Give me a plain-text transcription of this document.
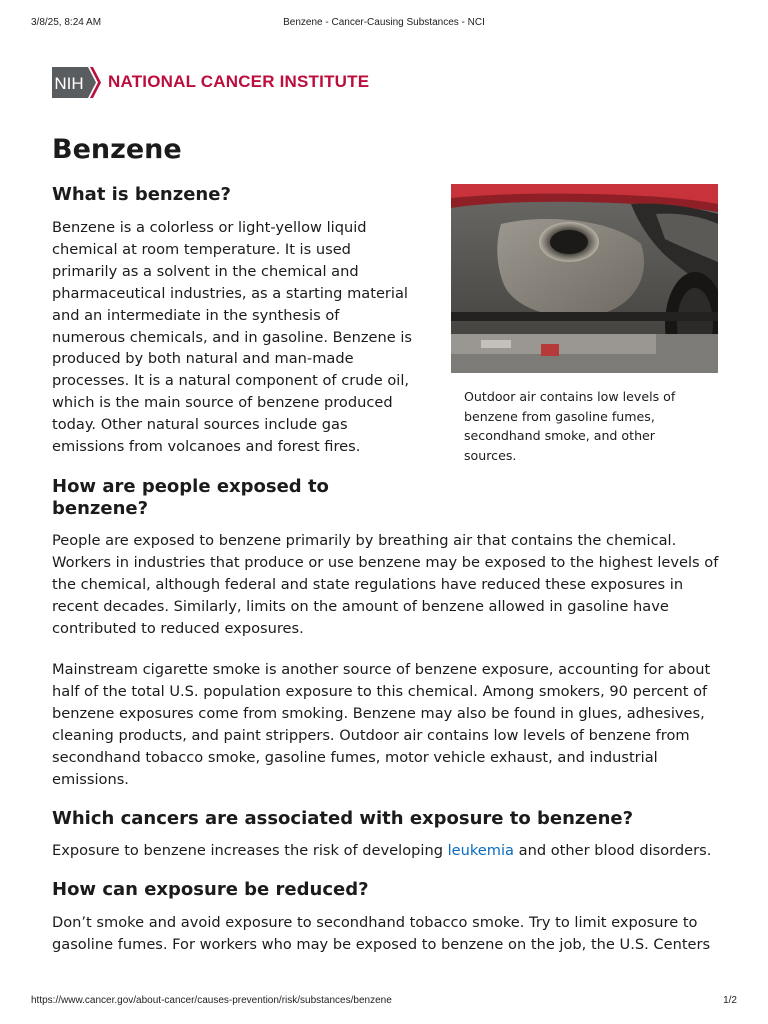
3/8/25, 8:24 AM	Benzene - Cancer-Causing Substances - NCI
NIH NATIONAL CANCER INSTITUTE
Benzene
What is benzene?

Benzene is a colorless or light-yellow liquid chemical at room temperature. It is used primarily as a solvent in the chemical and pharmaceutical industries, as a starting material and an intermediate in the synthesis of numerous chemicals, and in gasoline. Benzene is produced by both natural and man-made processes. It is a natural component of crude oil, which is the main source of benzene produced today. Other natural sources include gas emissions from volcanoes and forest fires.

Outdoor air contains low levels of benzene from gasoline fumes, secondhand smoke, and other sources.

How are people exposed to benzene?

People are exposed to benzene primarily by breathing air that contains the chemical. Workers in industries that produce or use benzene may be exposed to the highest levels of the chemical, although federal and state regulations have reduced these exposures in recent decades. Similarly, limits on the amount of benzene allowed in gasoline have contributed to reduced exposures.

Mainstream cigarette smoke is another source of benzene exposure, accounting for about half of the total U.S. population exposure to this chemical. Among smokers, 90 percent of benzene exposures come from smoking. Benzene may also be found in glues, adhesives, cleaning products, and paint strippers. Outdoor air contains low levels of benzene from secondhand tobacco smoke, gasoline fumes, motor vehicle exhaust, and industrial emissions.

Which cancers are associated with exposure to benzene?

Exposure to benzene increases the risk of developing leukemia and other blood disorders.

How can exposure be reduced?

Don’t smoke and avoid exposure to secondhand tobacco smoke. Try to limit exposure to gasoline fumes. For workers who may be exposed to benzene on the job, the U.S. Centers

https://www.cancer.gov/about-cancer/causes-prevention/risk/substances/benzene	1/2
